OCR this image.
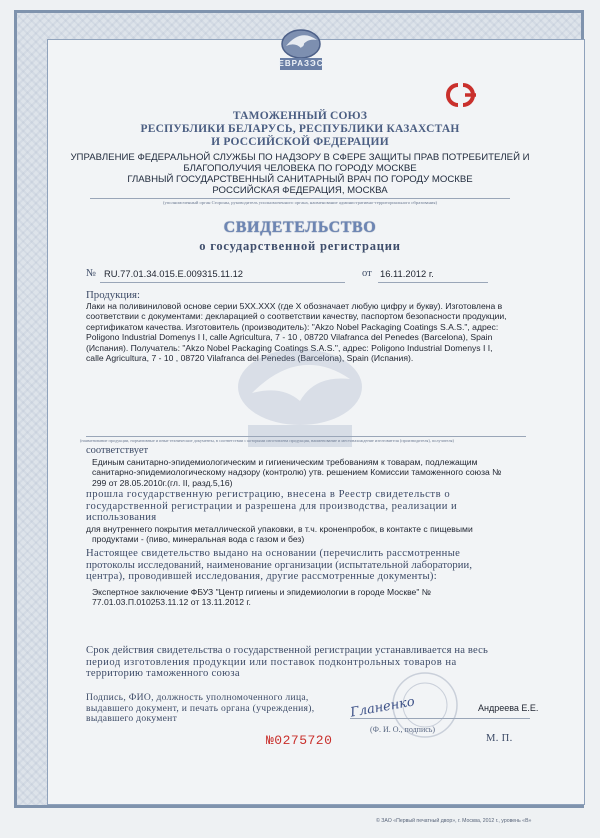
ЕВРАЗЭС
ТАМОЖЕННЫЙ СОЮЗ
РЕСПУБЛИКИ БЕЛАРУСЬ, РЕСПУБЛИКИ КАЗАХСТАН
И РОССИЙСКОЙ ФЕДЕРАЦИИ
УПРАВЛЕНИЕ ФЕДЕРАЛЬНОЙ СЛУЖБЫ ПО НАДЗОРУ В СФЕРЕ ЗАЩИТЫ ПРАВ ПОТРЕБИТЕЛЕЙ И
БЛАГОПОЛУЧИЯ ЧЕЛОВЕКА ПО ГОРОДУ МОСКВЕ
ГЛАВНЫЙ ГОСУДАРСТВЕННЫЙ САНИТАРНЫЙ ВРАЧ ПО ГОРОДУ МОСКВЕ
РОССИЙСКАЯ ФЕДЕРАЦИЯ, МОСКВА
(уполномоченный орган Стороны, руководитель уполномоченного органа, наименование административно-территориального образования)
СВИДЕТЕЛЬСТВО
о государственной регистрации
№ RU.77.01.34.015.Е.009315.11.12	от 16.11.2012 г.
Продукция:
Лаки на поливиниловой основе серии 5XX.XXX (где X обозначает любую цифру и букву). Изготовлена в
соответствии с документами: декларацией о соответствии качеству, паспортом безопасности продукции,
сертификатом качества. Изготовитель (производитель): "Akzo Nobel Packaging Coatings S.A.S.", адрес:
Poligono Industrial Domenys I I, calle Agricultura, 7 - 10 , 08720 Vilafranca del Penedes (Barcelona), Spain
(Испания). Получатель: "Akzo Nobel Packaging Coatings S.A.S.", адрес: Poligono Industrial Domenys I I,
calle Agricultura, 7 - 10 , 08720 Vilafranca del Penedes (Barcelona), Spain (Испания).
(наименование продукции, нормативные и иные технические документы, в соответствии с которыми изготовлена продукция, наименование и местонахождение изготовителя (производителя), получателя)
соответствует
Единым санитарно-эпидемиологическим и гигиеническим требованиям к товарам, подлежащим
санитарно-эпидемиологическому надзору (контролю) утв. решением Комиссии таможенного союза №
299 от 28.05.2010г.(гл. II, разд.5,16)
прошла государственную регистрацию, внесена в Реестр свидетельств о
государственной регистрации и разрешена для производства, реализации и
использования
для внутреннего покрытия металлической упаковки, в т.ч. кроненпробок, в контакте с пищевыми
продуктами - (пиво, минеральная вода с газом и без)
Настоящее свидетельство выдано на основании (перечислить рассмотренные
протоколы исследований, наименование организации (испытательной лаборатории,
центра), проводившей исследования, другие рассмотренные документы):
Экспертное заключение ФБУЗ "Центр гигиены и эпидемиологии в городе Москве" №
77.01.03.П.010253.11.12 от 13.11.2012 г.
Срок действия свидетельства о государственной регистрации устанавливается на весь
период изготовления продукции или поставок подконтрольных товаров на
территорию таможенного союза
Подпись, ФИО, должность уполномоченного лица,
выдавшего документ, и печать органа (учреждения),
выдавшего документ	Гланенко	Андреева Е.Е.
(Ф. И. О., подпись)
М. П.
№0275720
© ЗАО «Первый печатный двор», г. Москва, 2012 г., уровень «В»
